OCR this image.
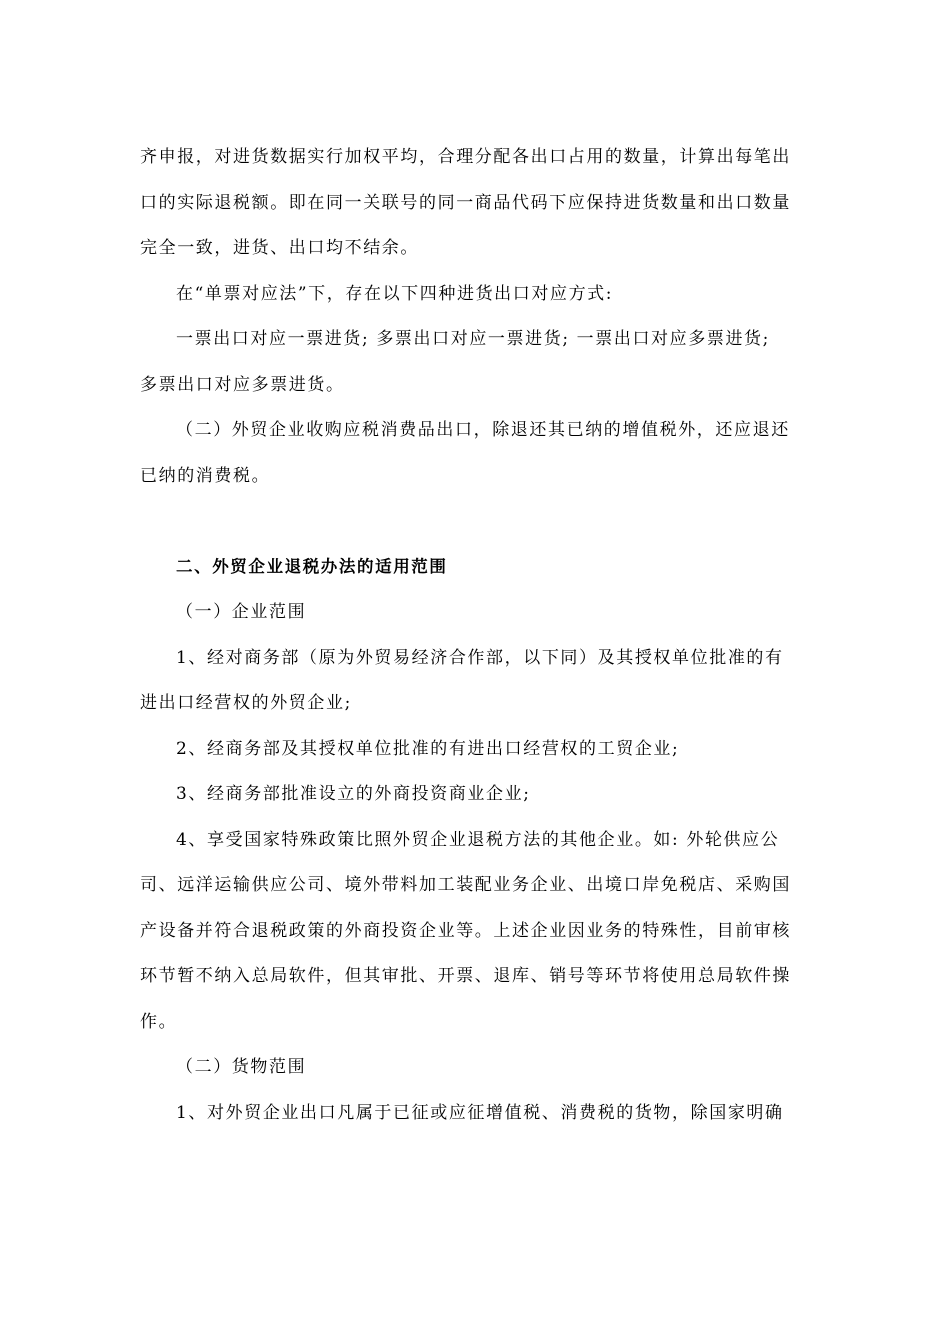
齐申报，对进货数据实行加权平均，合理分配各出口占用的数量，计算出每笔出
口的实际退税额。即在同一关联号的同一商品代码下应保持进货数量和出口数量
完全一致，进货、出口均不结余。
在“单票对应法”下，存在以下四种进货出口对应方式:
一票出口对应一票进货; 多票出口对应一票进货; 一票出口对应多票进货;
多票出口对应多票进货。
（二）外贸企业收购应税消费品出口，除退还其已纳的增值税外，还应退还
已纳的消费税。
二、外贸企业退税办法的适用范围
（一）企业范围
1、经对商务部（原为外贸易经济合作部，以下同）及其授权单位批准的有
进出口经营权的外贸企业;
2、经商务部及其授权单位批准的有进出口经营权的工贸企业;
3、经商务部批准设立的外商投资商业企业;
4、享受国家特殊政策比照外贸企业退税方法的其他企业。如: 外轮供应公
司、远洋运输供应公司、境外带料加工装配业务企业、出境口岸免税店、采购国
产设备并符合退税政策的外商投资企业等。上述企业因业务的特殊性，目前审核
环节暂不纳入总局软件，但其审批、开票、退库、销号等环节将使用总局软件操
作。
（二）货物范围
1、对外贸企业出口凡属于已征或应征增值税、消费税的货物，除国家明确
